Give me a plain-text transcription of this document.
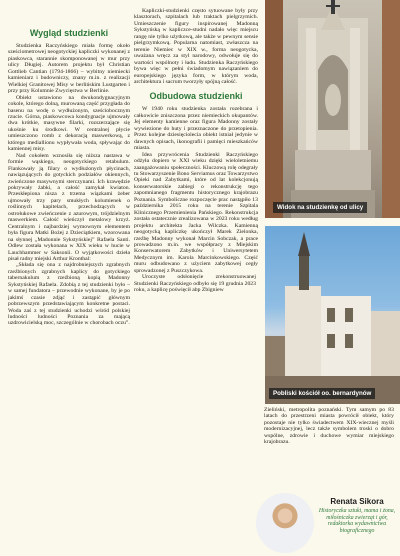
Wygląd studzienki

Studzienka Raczyńskiego miała formę około sześciometrowej neogotyckiej kapliczki wykonanej z piaskowca, starannie skomponowanej w mur przy ulicy Długiej. Autorem projektu był Christian Gottlieb Cantian (1794-1866) – wybitny niemiecki kamieniarz i budowniczy, znany m.in. z realizacji Wielkiej Granitowej Misy w berlińskim Lustgarten i przy przy Kolumnie Zwycięstwa w Berlinie.

Obiekt ustawiono na dwukondygnacyjnym cokole, którego dolną, murowaną część przygłada do basenu na wodę o wydłużonym, sześciobocznym rzucie. Górna, piaskowcowa kondygnacje ujmowały dwa krótkie, masywne filarki, rozszerzające się ukośnie ku środkowi. W centralnej płycie umieszczono romb z dekoracją maswerkową, z którego mediallionu wypływała woda, spływając do kamiennej misy.

Nad cokołem wznosiła się niższa nastawa w formie wąskiego, neogotyckiego retabulum. Flankowały ją filary o wydłużonych płycinach, nawiązujących do gotyckich podziałów okiennych, zwieńczone masywnymi sterczynami. Ich krawędzie pokrywały żabki, a całość zamykał kwiaton. Przeskłepiona nisza z trzema wiązkami żeber ujmowały trzy pary smukłych kolumienek o roślinnych kapitelach, przechodzących w ostrołukowe zwieńczenie z azurowym, trójdzielnym maswerkiem. Całość wieńczył metalowy krzyż. Centralnym i najbardziej wymownym elementem była figura Matki Bożej z Dzieciątkiem, wzorowana na słynnej „Madonnie Sykstyńskiej” Rafaela Santi. Odlew została wykonana w XIX wieku w hucie w Lauchhammer w Saksonii. O wyjątkowości dzieła pisał radny miejski Arthur Kronthal:

„Składa się ona z najdrobniejszych zgrabnych rzeźbionych zgrabnych kaplicy do gotyckiego tabernakulum z rzeźbioną kopią Madonny Sykstyńskiej Rafaela. Zdobią z tej studzienki było – w samej fundatora – przewodnie wykonane, by je po jakimś czasie zdjąć i zastąpić głównym pobrzewszym przedstawiającym konkretne postaci. Woda zaś z tej studzienki uchodzi wśród polskiej ludności ludności Poznania za mającą uzdrowicielską moc, szczególnie w chorobach oczu”.

Kapliczki-studzienki często sytuowane były przy klasztorach, szpitalach lub traktach pielgrzymich. Umieszczenie figury inspirowanej Madonną Sykstyńską w kapliczce-studni nadało więc miejscu rangę nie tylko użytkową, ale także w pewnym sensie pielgrzymkową. Popularna natomiast, zwłaszcza na terenie Niemiec w XIX w., forma neogotycka, uważana wręcz za styl narodowy, odwołuje się do wartości wspólnoty i ładu. Studzienka Raczyńskiego bywa więc w pełni świadomym nawiązaniem do europejskiego języka form, w którym woda, architektura i sacrum tworzyły spójną całość.

Odbudowa studzienki

W 1940 roku studzienka została rozebrana i całkowicie zniszczona przez niemieckich okupantów. Jej elementy kamienne oraz figura Madonny zostały wywiezione do huty i przeznaczone do przetopienia. Przez kolejne dziesięciolecia obiekt istniał jedynie w dawnych opisach, ikonografii i pamięci mieszkańców miasta.

Idea przywrócenia Studzienki Raczyńskiego odżyła dopiero w XXI wieku dzięki wieloletniemu zaangażowaniu społeczności. Kluczową rolę odegrały tu Stowarzyszenie Bono Serviamus oraz Towarzystwo Opieki nad Zabytkami, które od lat kolekcjonują konserwatorskie zabiegi o rekonstrukcję tego zapomnianego fragmentu historycznego krajobrazu Poznania. Symboliczne rozpoczęcie prac nastąpiło 13 października 2015 roku na terenie Szpitala Klinicznego Przemienienia Pańskiego. Rekonstrukcja została ostatecznie zrealizowana w 2023 roku według projektu architekta Jacka Wilczka. Kamienną neogotycką kapliczkę ukończył Marek Zielonka, rzeźbę Madonny wykonał Marcin Sobczak, a prace prowadzono m.in. we współpracy z Miejskim Konserwatorem Zabytków i Uniwersytetem Medycznym im. Karola Marcinkowskiego. Część muru odbudowano z użyciem zabytkowej cegły sprowadzonej z Puszczykowa.

Uroczyste odsłonięcie zrekonstruowanej Studzienki Raczyńskiego odbyło się 19 grudnia 2023 roku, a kaplicę poświęcił abp Zbigniew

Widok na studzienkę od ulicy
Pobliski kościół oo. bernardynów

Zieliński, metropolita poznański. Tym samym po 83 latach do przestrzeni miasta powrócił obiekt, który pozostaje nie tylko świadectwem XIX-wiecznej myśli modernizacyjnej, lecz także symbolem troski o dobro wspólne, zdrowie i duchowe wymiar miejskiego krajobrazu.

Renata Sikora
Historyczka sztuki, mama i żona, miłośniczka zwierząt i gór, redaktorka wydawnictwa biograficznego
